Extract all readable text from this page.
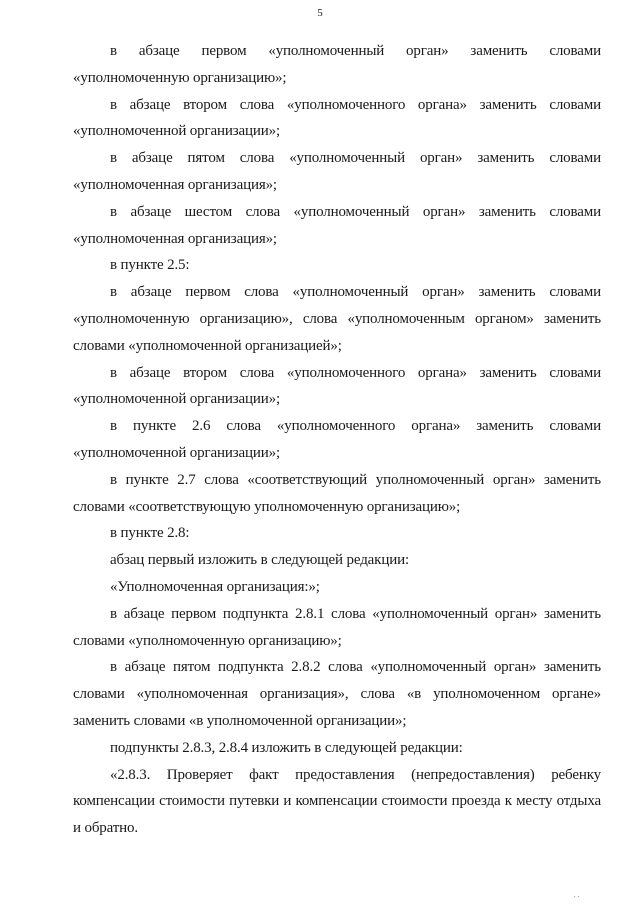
5

в абзаце первом «уполномоченный орган» заменить словами «уполномоченную организацию»;

в абзаце втором слова «уполномоченного органа» заменить словами «уполномоченной организации»;

в абзаце пятом слова «уполномоченный орган» заменить словами «уполномоченная организация»;

в абзаце шестом слова «уполномоченный орган» заменить словами «уполномоченная организация»;

в пункте 2.5:

в абзаце первом слова «уполномоченный орган» заменить словами «уполномоченную организацию», слова «уполномоченным органом» заменить словами «уполномоченной организацией»;

в абзаце втором слова «уполномоченного органа» заменить словами «уполномоченной организации»;

в пункте 2.6 слова «уполномоченного органа» заменить словами «уполномоченной организации»;

в пункте 2.7 слова «соответствующий уполномоченный орган» заменить словами «соответствующую уполномоченную организацию»;

в пункте 2.8:

абзац первый изложить в следующей редакции:

«Уполномоченная организация:»;

в абзаце первом подпункта 2.8.1 слова «уполномоченный орган» заменить словами «уполномоченную организацию»;

в абзаце пятом подпункта 2.8.2 слова «уполномоченный орган» заменить словами «уполномоченная организация», слова «в уполномоченном органе» заменить словами «в уполномоченной организации»;

подпункты 2.8.3, 2.8.4 изложить в следующей редакции:

«2.8.3. Проверяет факт предоставления (непредоставления) ребенку компенсации стоимости путевки и компенсации стоимости проезда к месту отдыха и обратно.

· ·
